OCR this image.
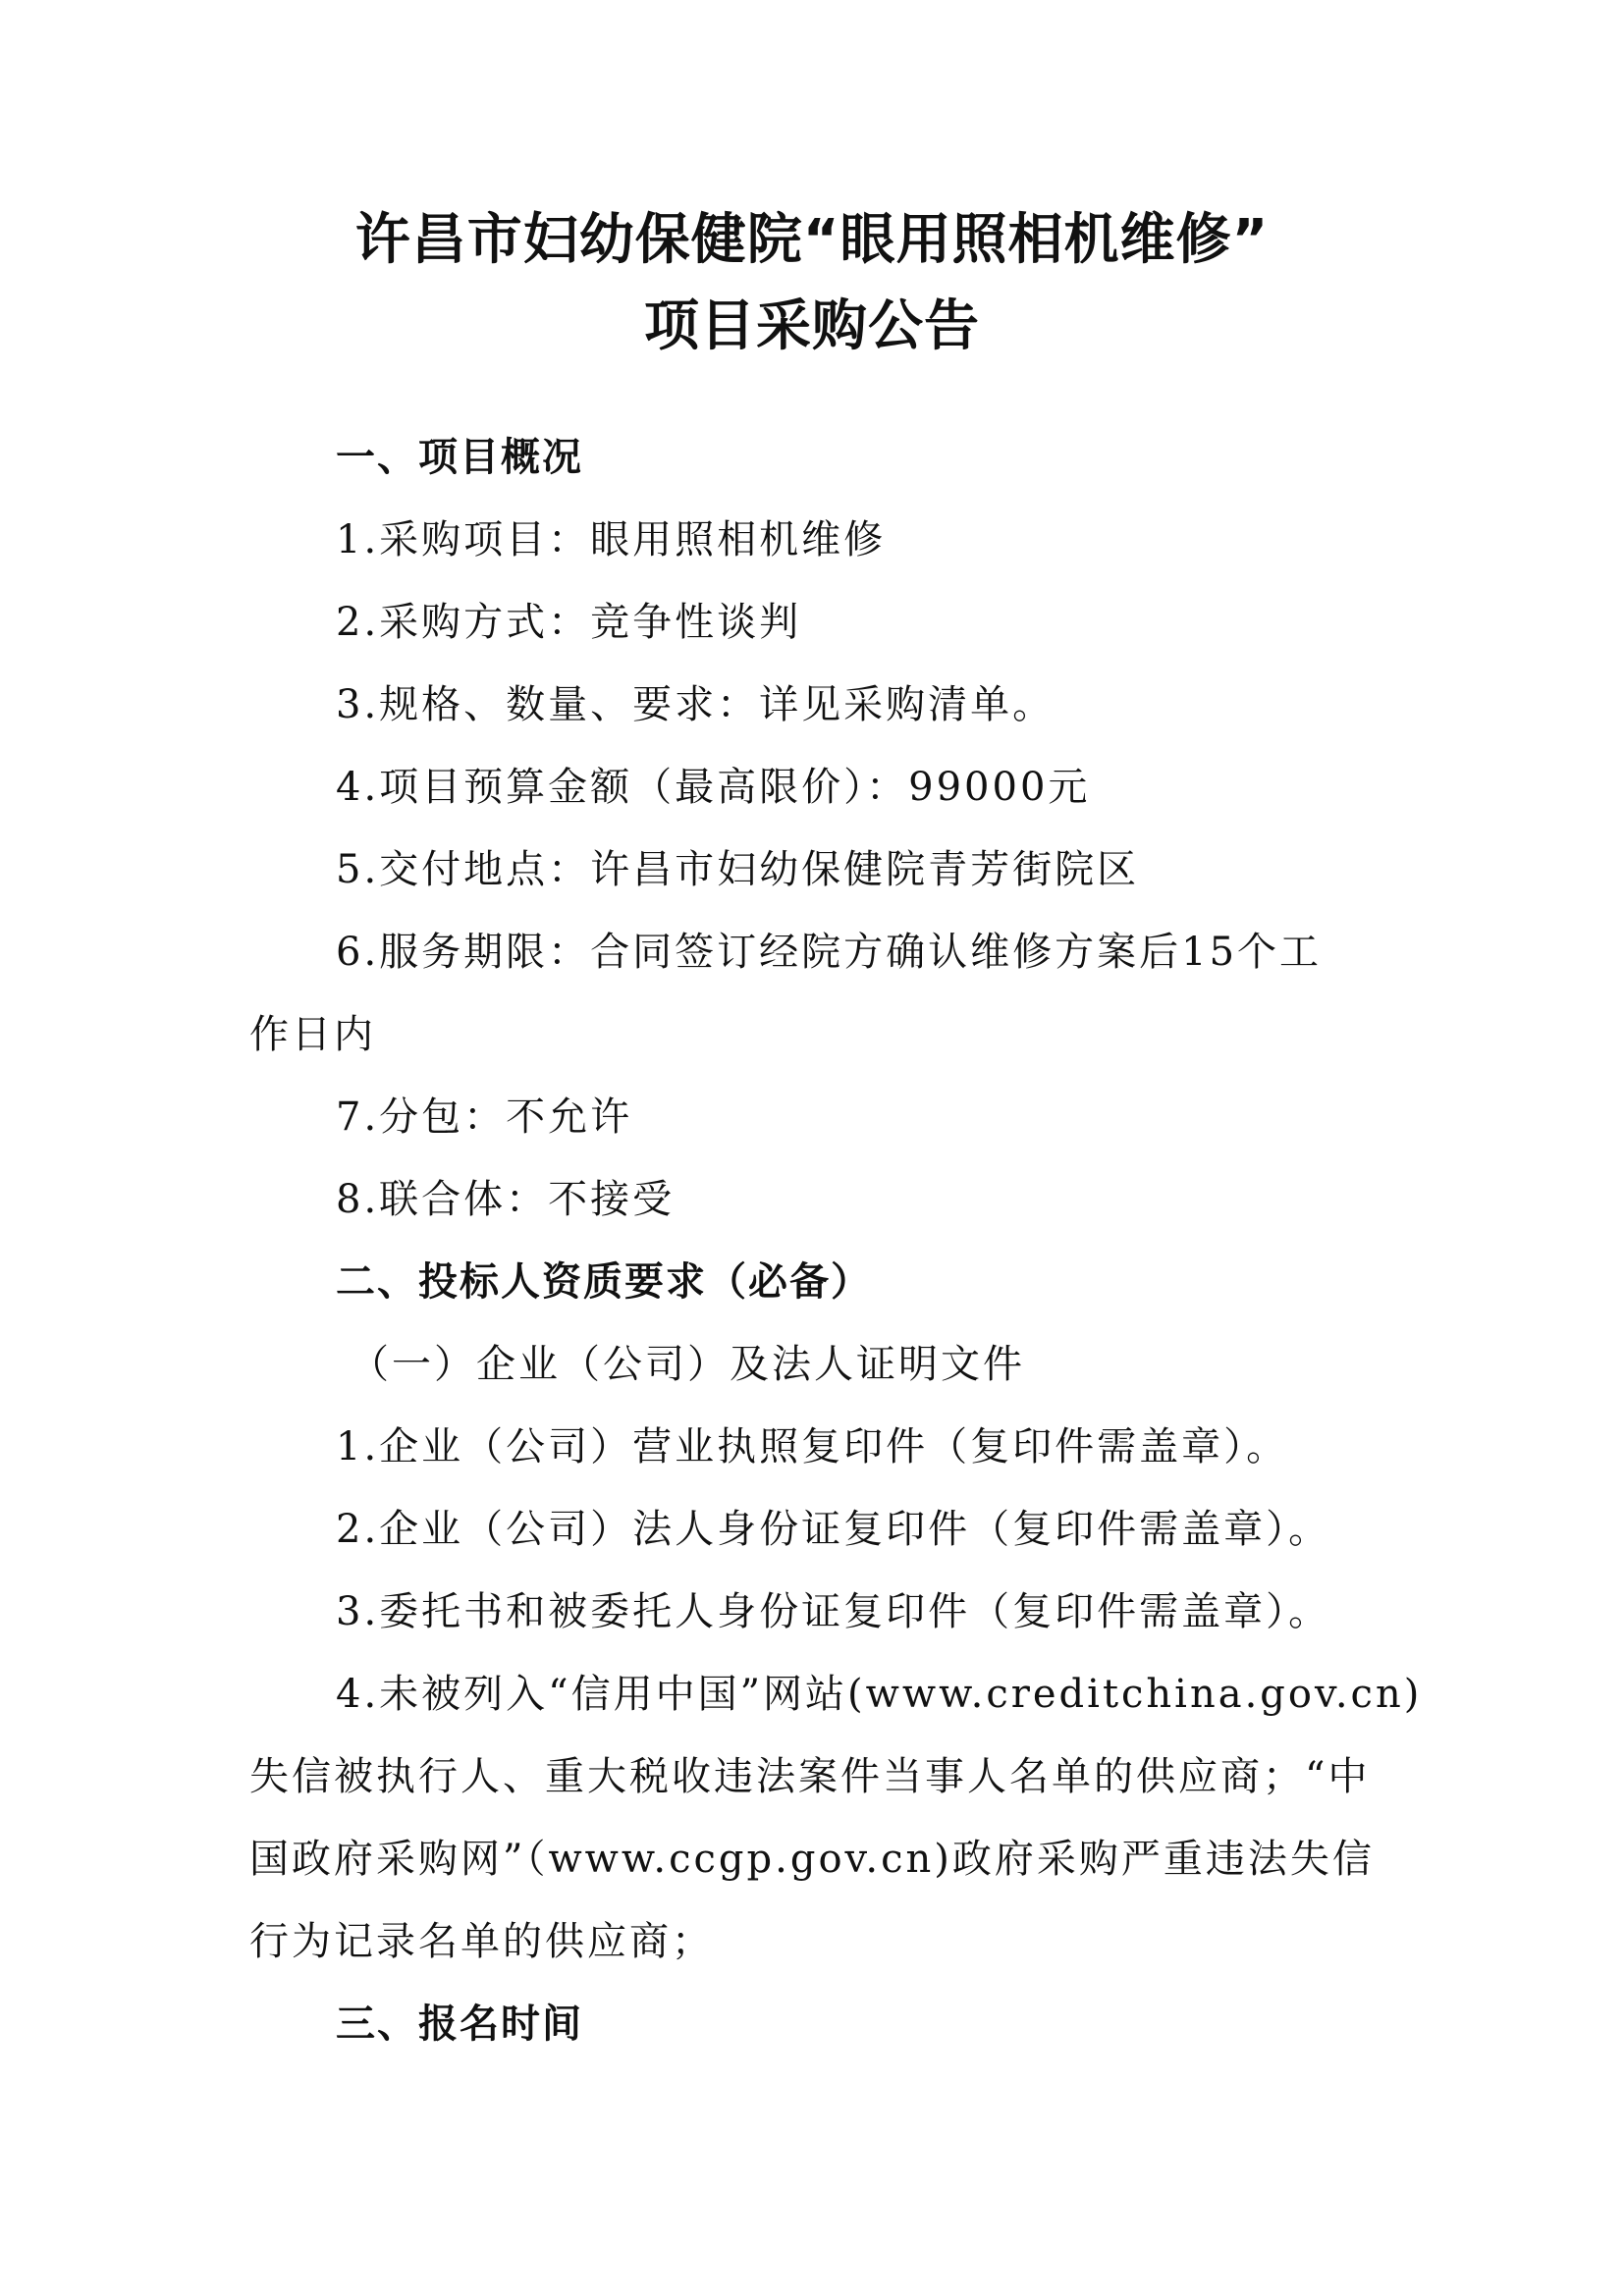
许昌市妇幼保健院“眼用照相机维修”
项目采购公告
一、项目概况
1.采购项目：眼用照相机维修
2.采购方式：竞争性谈判
3.规格、数量、要求：详见采购清单。
4.项目预算金额（最高限价）：99000元
5.交付地点：许昌市妇幼保健院青芳街院区
6.服务期限：合同签订经院方确认维修方案后15个工
作日内
7.分包：不允许
8.联合体：不接受
二、投标人资质要求（必备）
（一）企业（公司）及法人证明文件
1.企业（公司）营业执照复印件（复印件需盖章）。
2.企业（公司）法人身份证复印件（复印件需盖章）。
3.委托书和被委托人身份证复印件（复印件需盖章）。
4.未被列入“信用中国”网站(www.creditchina.gov.cn)
失信被执行人、重大税收违法案件当事人名单的供应商；“中
国政府采购网”（www.ccgp.gov.cn)政府采购严重违法失信
行为记录名单的供应商；
三、报名时间
